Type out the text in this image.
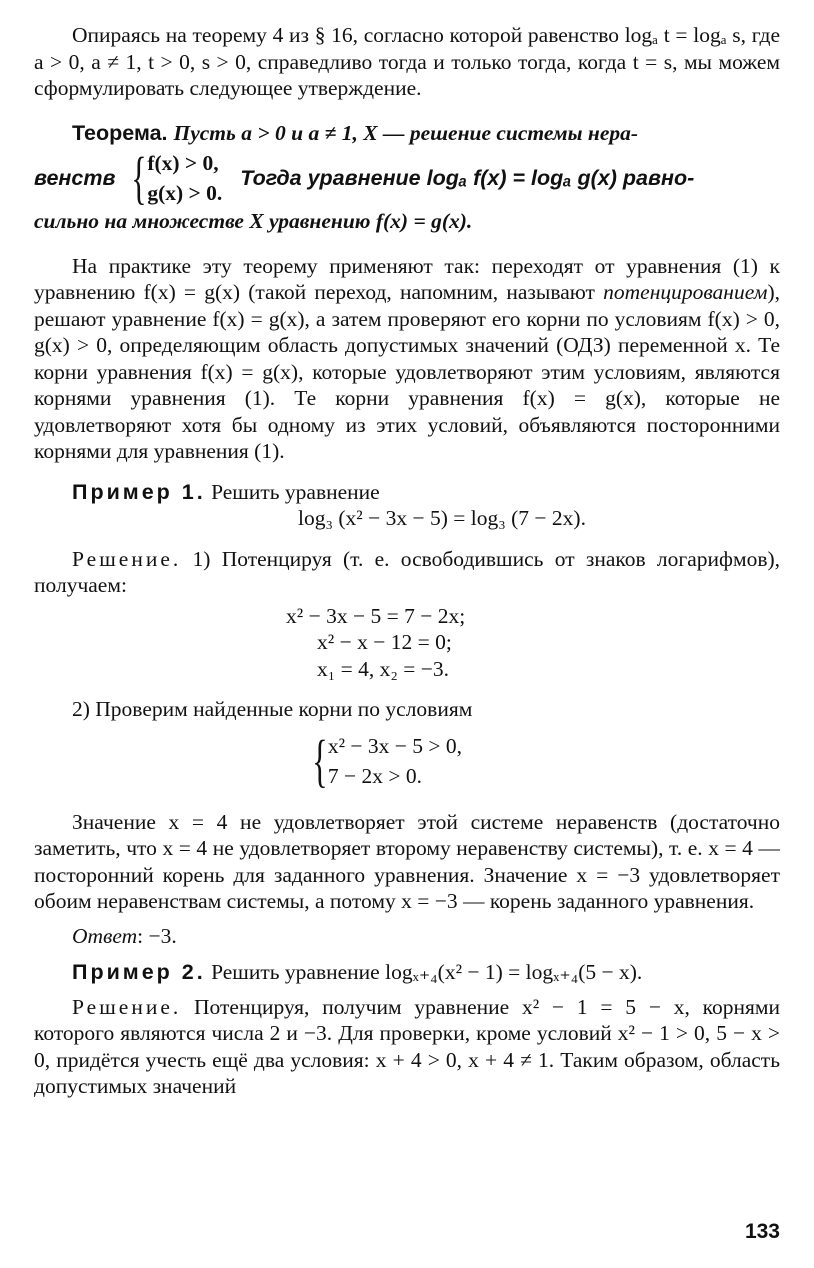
Опираясь на теорему 4 из § 16, согласно которой равенство logₐ t = logₐ s, где a > 0, a ≠ 1, t > 0, s > 0, справедливо тогда и только тогда, когда t = s, мы можем сформулировать следующее утверждение.

Теорема. Пусть a > 0 и a ≠ 1, X — решение системы нера-

венств { f(x) > 0,
g(x) > 0.
Тогда уравнение logₐ f(x) = logₐ g(x) равно-

сильно на множестве X уравнению f(x) = g(x).

На практике эту теорему применяют так: переходят от уравнения (1) к уравнению f(x) = g(x) (такой переход, напомним, называют потенцированием), решают уравнение f(x) = g(x), а затем проверяют его корни по условиям f(x) > 0, g(x) > 0, определяющим область допустимых значений (ОДЗ) переменной x. Те корни уравнения f(x) = g(x), которые удовлетворяют этим условиям, являются корнями уравнения (1). Те корни уравнения f(x) = g(x), которые не удовлетворяют хотя бы одному из этих условий, объявляются посторонними корнями для уравнения (1).

Пример 1. Решить уравнение

log₃ (x² − 3x − 5) = log₃ (7 − 2x).

Решение. 1) Потенцируя (т. е. освободившись от знаков логарифмов), получаем:

x² − 3x − 5 = 7 − 2x;
x² − x − 12 = 0;
x₁ = 4, x₂ = −3.

2) Проверим найденные корни по условиям

{ x² − 3x − 5 > 0,
7 − 2x > 0.

Значение x = 4 не удовлетворяет этой системе неравенств (достаточно заметить, что x = 4 не удовлетворяет второму неравенству системы), т. е. x = 4 — посторонний корень для заданного уравнения. Значение x = −3 удовлетворяет обоим неравенствам системы, а потому x = −3 — корень заданного уравнения.

Ответ: −3.

Пример 2. Решить уравнение logₓ₊₄(x² − 1) = logₓ₊₄(5 − x).

Решение. Потенцируя, получим уравнение x² − 1 = 5 − x, корнями которого являются числа 2 и −3. Для проверки, кроме условий x² − 1 > 0, 5 − x > 0, придётся учесть ещё два условия: x + 4 > 0, x + 4 ≠ 1. Таким образом, область допустимых значений

133
